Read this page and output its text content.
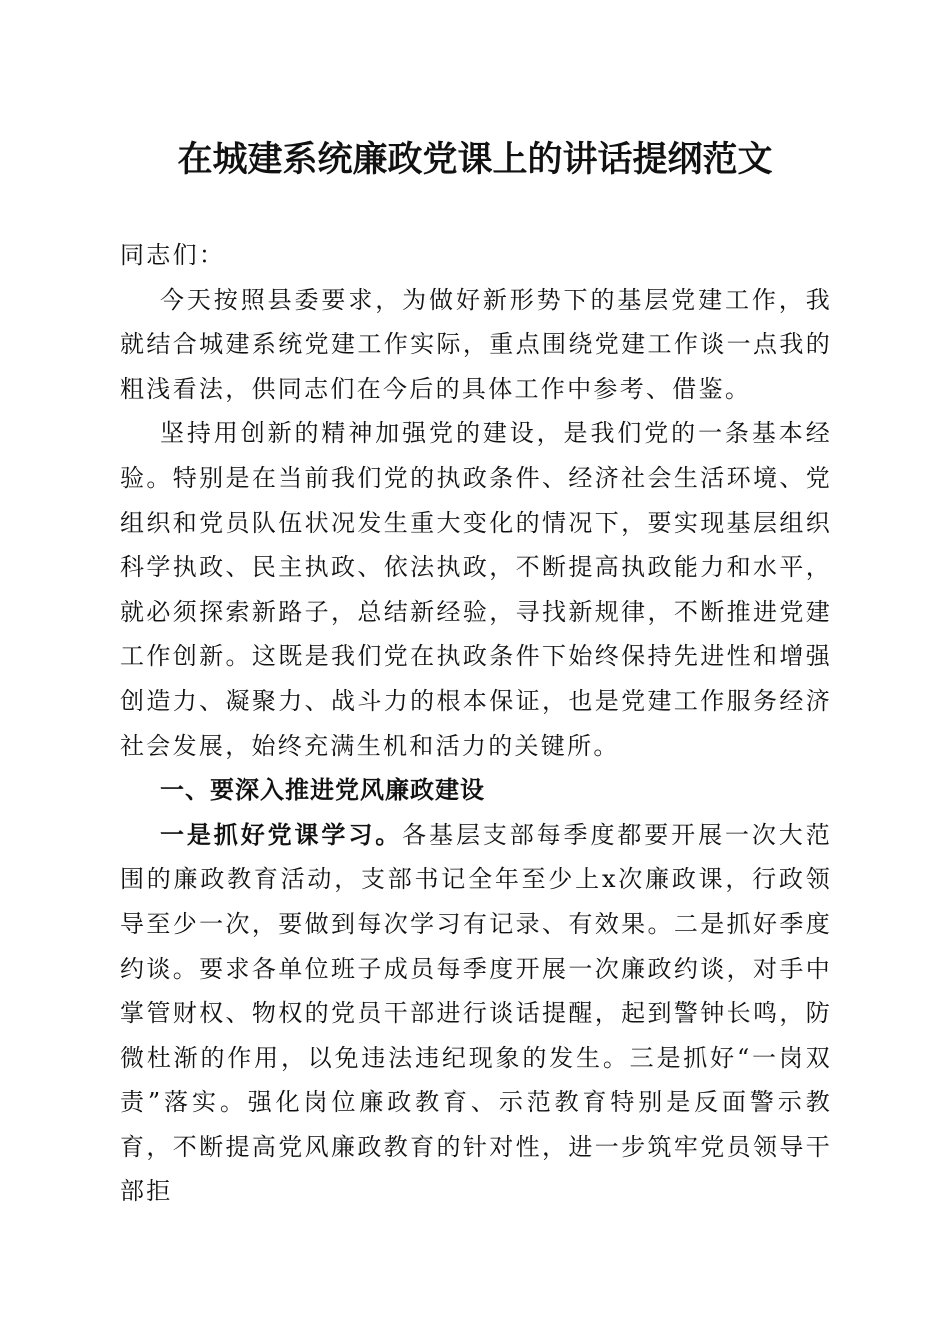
在城建系统廉政党课上的讲话提纲范文

同志们：

今天按照县委要求，为做好新形势下的基层党建工作，我就结合城建系统党建工作实际，重点围绕党建工作谈一点我的粗浅看法，供同志们在今后的具体工作中参考、借鉴。

坚持用创新的精神加强党的建设，是我们党的一条基本经验。特别是在当前我们党的执政条件、经济社会生活环境、党组织和党员队伍状况发生重大变化的情况下，要实现基层组织科学执政、民主执政、依法执政，不断提高执政能力和水平，就必须探索新路子，总结新经验，寻找新规律，不断推进党建工作创新。这既是我们党在执政条件下始终保持先进性和增强创造力、凝聚力、战斗力的根本保证，也是党建工作服务经济社会发展，始终充满生机和活力的关键所。

一、要深入推进党风廉政建设

一是抓好党课学习。各基层支部每季度都要开展一次大范围的廉政教育活动，支部书记全年至少上x次廉政课，行政领导至少一次，要做到每次学习有记录、有效果。二是抓好季度约谈。要求各单位班子成员每季度开展一次廉政约谈，对手中掌管财权、物权的党员干部进行谈话提醒，起到警钟长鸣，防微杜渐的作用，以免违法违纪现象的发生。三是抓好“一岗双责”落实。强化岗位廉政教育、示范教育特别是反面警示教育，不断提高党风廉政教育的针对性，进一步筑牢党员领导干部拒
